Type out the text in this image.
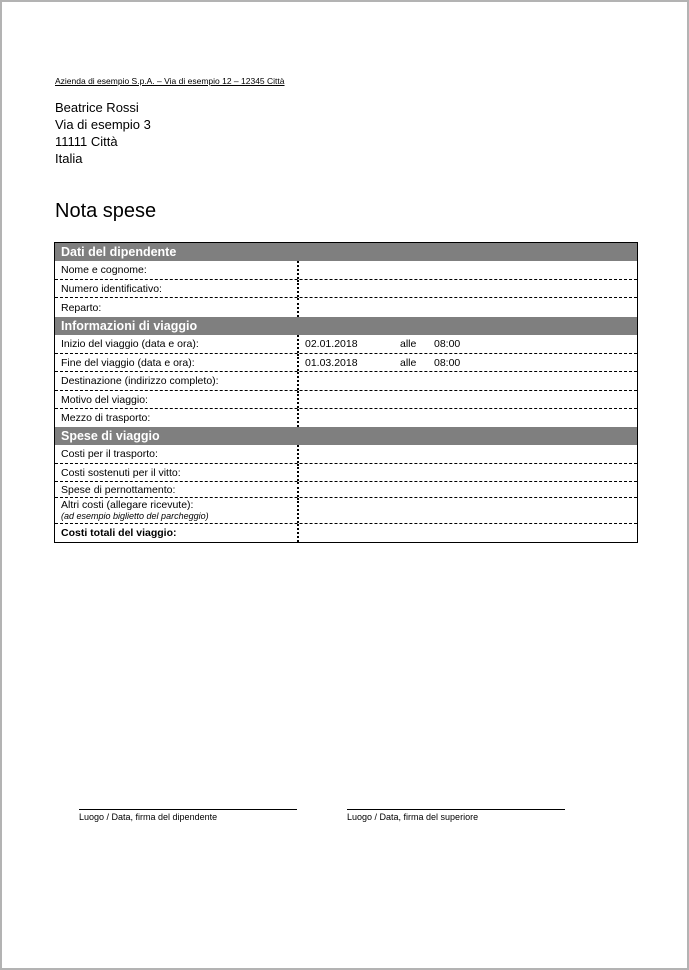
Azienda di esempio S.p.A. – Via di esempio 12 – 12345 Città
Beatrice Rossi
Via di esempio 3
11111 Città
Italia
Nota spese
Dati del dipendente
Nome e cognome:
Numero identificativo:
Reparto:
Informazioni di viaggio
Inizio del viaggio (data e ora):	02.01.2018	alle	08:00
Fine del viaggio (data e ora):	01.03.2018	alle	08:00
Destinazione (indirizzo completo):
Motivo del viaggio:
Mezzo di trasporto:
Spese di viaggio
Costi per il trasporto:
Costi sostenuti per il vitto:
Spese di pernottamento:
Altri costi (allegare ricevute):
(ad esempio biglietto del parcheggio)
Costi totali del viaggio:
Luogo / Data, firma del dipendente	Luogo / Data, firma del superiore
